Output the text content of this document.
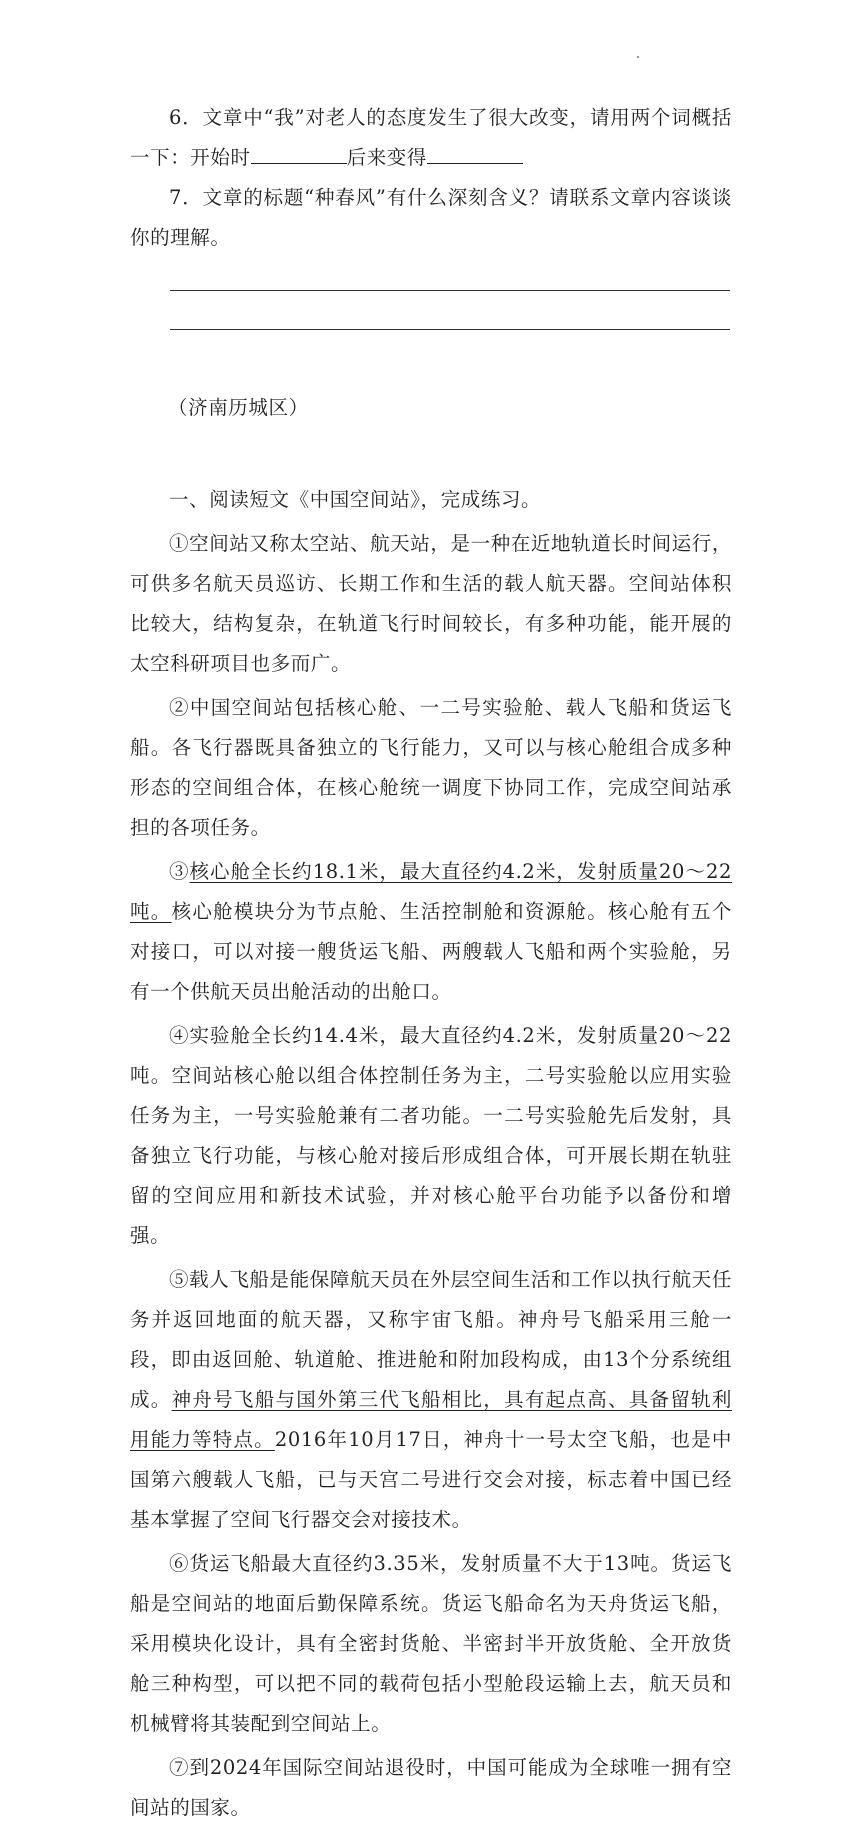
6．文章中“我”对老人的态度发生了很大改变，请用两个词概括一下：开始时	后来变得

7．文章的标题“种春风”有什么深刻含义？请联系文章内容谈谈你的理解。

（济南历城区）

一、阅读短文《中国空间站》，完成练习。

①空间站又称太空站、航天站，是一种在近地轨道长时间运行，可供多名航天员巡访、长期工作和生活的载人航天器。空间站体积比较大，结构复杂，在轨道飞行时间较长，有多种功能，能开展的太空科研项目也多而广。

②中国空间站包括核心舱、一二号实验舱、载人飞船和货运飞船。各飞行器既具备独立的飞行能力，又可以与核心舱组合成多种形态的空间组合体，在核心舱统一调度下协同工作，完成空间站承担的各项任务。

③核心舱全长约18.1米，最大直径约4.2米，发射质量20～22吨。核心舱模块分为节点舱、生活控制舱和资源舱。核心舱有五个对接口，可以对接一艘货运飞船、两艘载人飞船和两个实验舱，另有一个供航天员出舱活动的出舱口。

④实验舱全长约14.4米，最大直径约4.2米，发射质量20～22吨。空间站核心舱以组合体控制任务为主，二号实验舱以应用实验任务为主，一号实验舱兼有二者功能。一二号实验舱先后发射，具备独立飞行功能，与核心舱对接后形成组合体，可开展长期在轨驻留的空间应用和新技术试验，并对核心舱平台功能予以备份和增强。

⑤载人飞船是能保障航天员在外层空间生活和工作以执行航天任务并返回地面的航天器，又称宇宙飞船。神舟号飞船采用三舱一段，即由返回舱、轨道舱、推进舱和附加段构成，由13个分系统组成。神舟号飞船与国外第三代飞船相比，具有起点高、具备留轨利用能力等特点。2016年10月17日，神舟十一号太空飞船，也是中国第六艘载人飞船，已与天宫二号进行交会对接，标志着中国已经基本掌握了空间飞行器交会对接技术。

⑥货运飞船最大直径约3.35米，发射质量不大于13吨。货运飞船是空间站的地面后勤保障系统。货运飞船命名为天舟货运飞船，采用模块化设计，具有全密封货舱、半密封半开放货舱、全开放货舱三种构型，可以把不同的载荷包括小型舱段运输上去，航天员和机械臂将其装配到空间站上。

⑦到2024年国际空间站退役时，中国可能成为全球唯一拥有空间站的国家。
